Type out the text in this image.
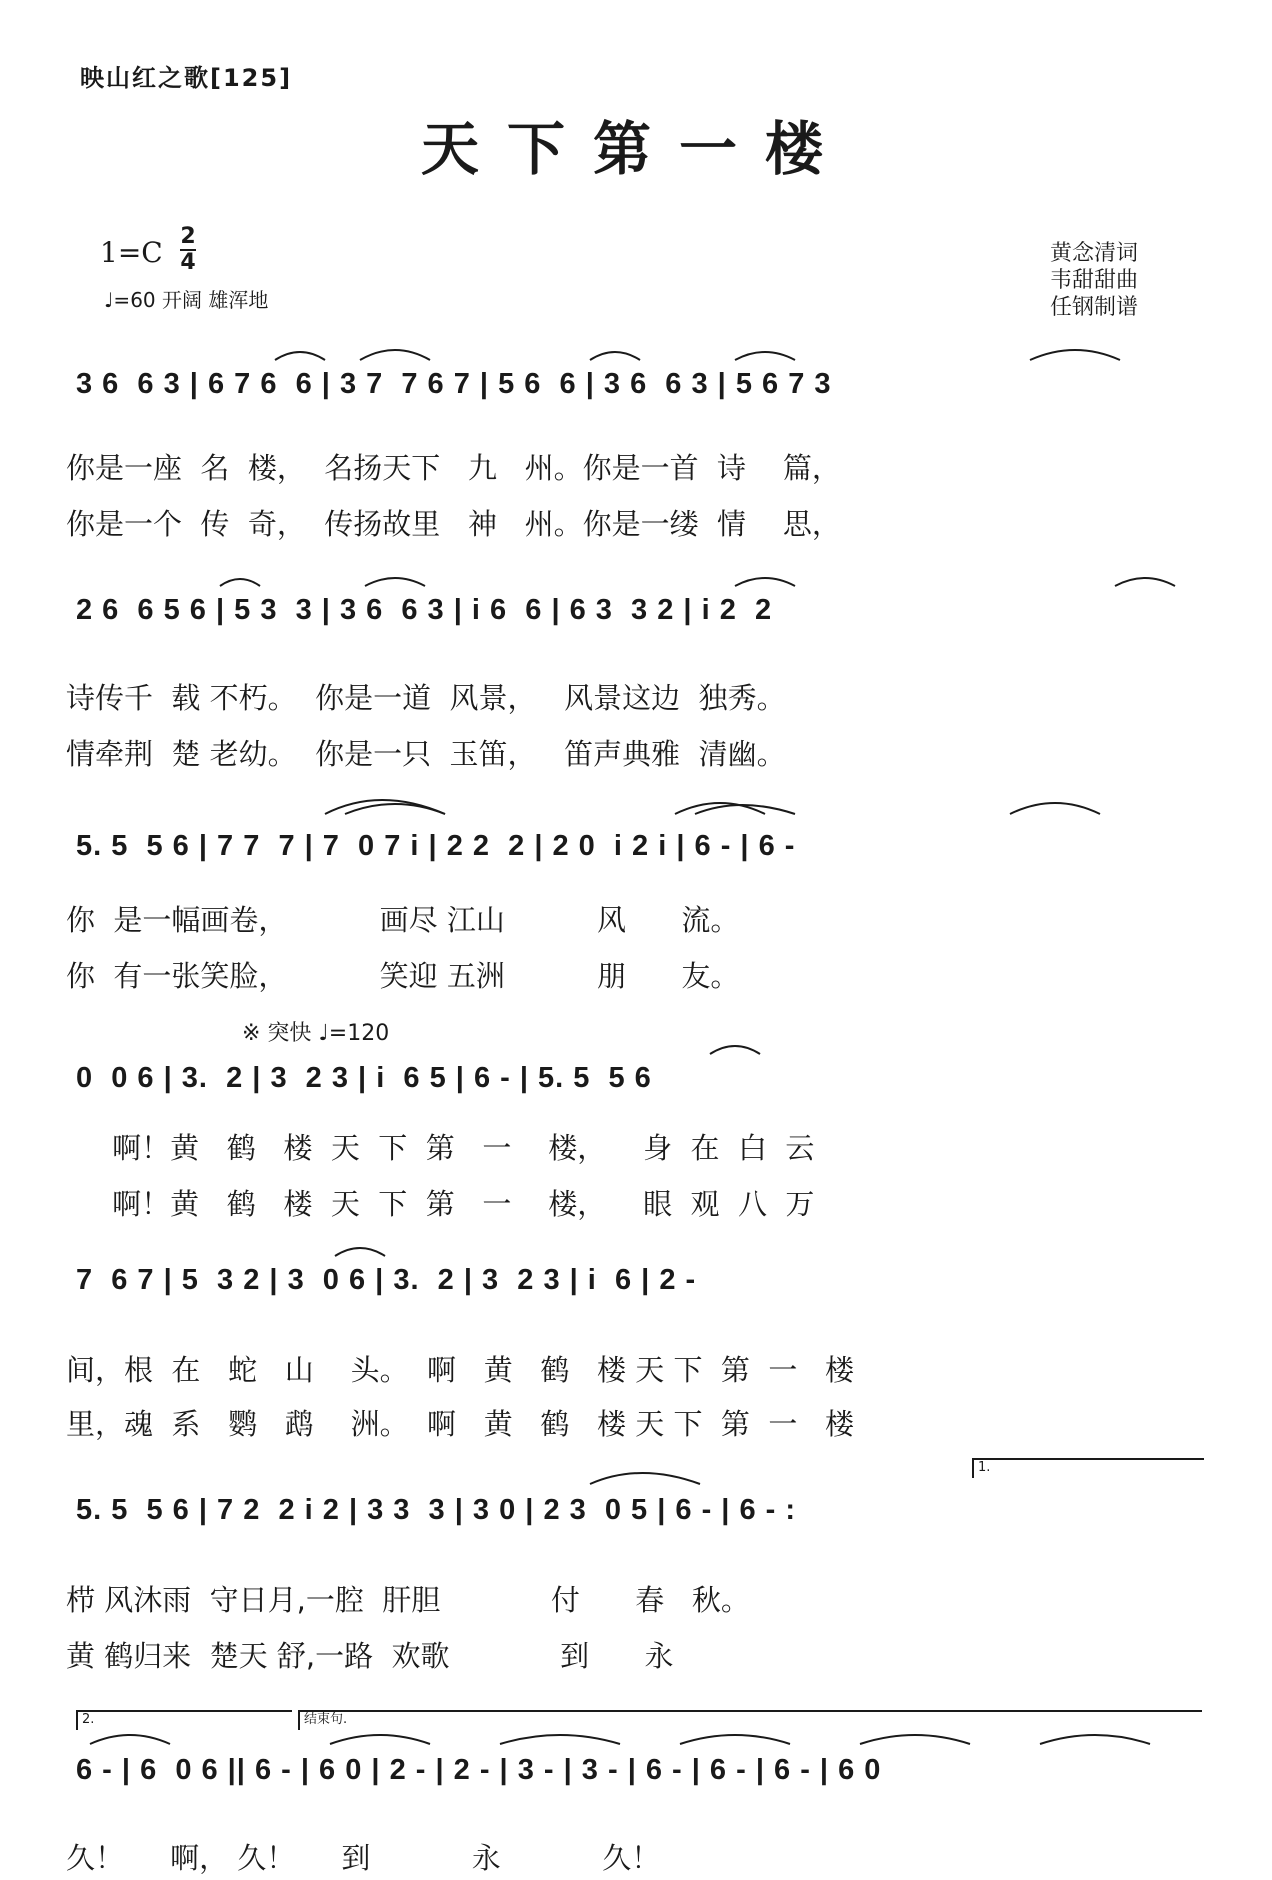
映山红之歌[125]
天下第一楼
1=C 2
4
♩=60 开阔 雄浑地
黄念清词
韦甜甜曲
任钢制谱
3 6  6 3 | 6 7 6  6 | 3 7  7 6 7 | 5 6  6 | 3 6  6 3 | 5 6 7 3
你是一座  名  楼，  名扬天下   九   州。你是一首  诗    篇，
你是一个  传  奇，  传扬故里   神   州。你是一缕  情    思，
2 6  6 5 6 | 5 3  3 | 3 6  6 3 | i 6  6 | 6 3  3 2 | i 2  2
诗传千  载 不朽。  你是一道  风景，   风景这边  独秀。
情牵荆  楚 老幼。  你是一只  玉笛，   笛声典雅  清幽。
5. 5  5 6 | 7 7  7 | 7  0 7 i | 2 2  2 | 2 0  i 2 i | 6 - | 6 -
你  是一幅画卷，          画尽 江山          风      流。
你  有一张笑脸，          笑迎 五洲          朋      友。
※ 突快 ♩=120
0  0 6 | 3.  2 | 3  2 3 | i  6 5 | 6 - | 5. 5  5 6
啊！黄   鹤   楼  天  下  第   一    楼，    身  在  白  云
啊！黄   鹤   楼  天  下  第   一    楼，    眼  观  八  万
7  6 7 | 5  3 2 | 3  0 6 | 3.  2 | 3  2 3 | i  6 | 2 -
间，根  在   蛇   山    头。  啊   黄   鹤   楼 天 下  第  一   楼
里，魂  系   鹦   鹉    洲。  啊   黄   鹤   楼 天 下  第  一   楼
1.
5. 5  5 6 | 7 2  2 i 2 | 3 3  3 | 3 0 | 2 3  0 5 | 6 - | 6 - :
栉 风沐雨  守日月,一腔  肝胆            付      春   秋。
黄 鹤归来  楚天 舒,一路  欢歌            到      永
2.	结束句.
6 - | 6  0 6 || 6 - | 6 0 | 2 - | 2 - | 3 - | 3 - | 6 - | 6 - | 6 - | 6 0
久！     啊， 久！     到           永           久！
